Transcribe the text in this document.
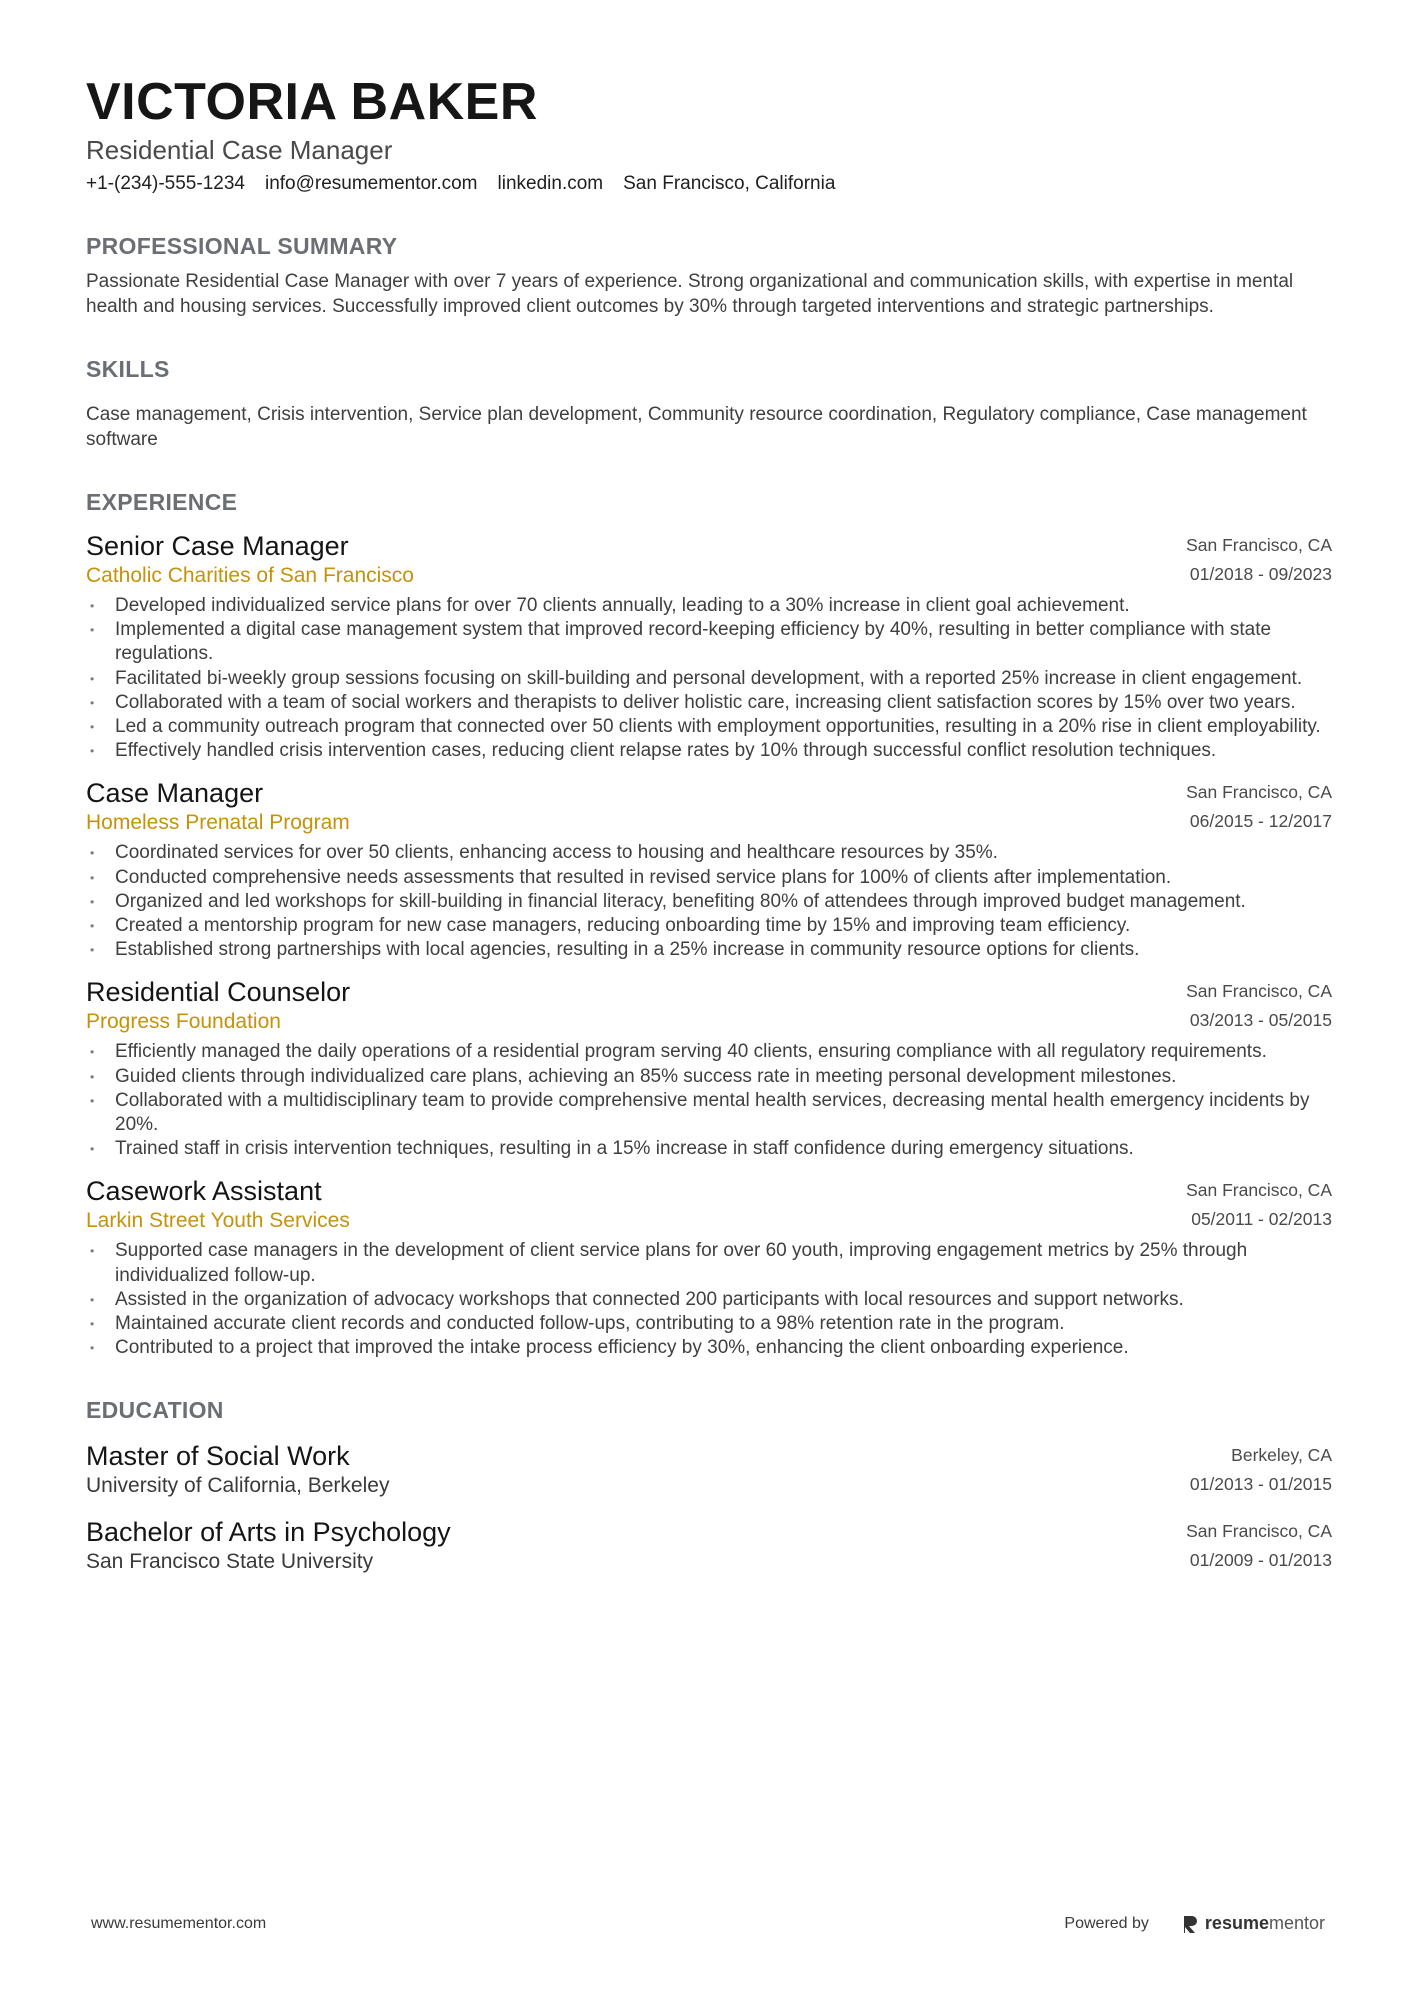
VICTORIA BAKER
Residential Case Manager
+1-(234)-555-1234 info@resumementor.com linkedin.com San Francisco, California
PROFESSIONAL SUMMARY

Passionate Residential Case Manager with over 7 years of experience. Strong organizational and communication skills, with expertise in mental health and housing services. Successfully improved client outcomes by 30% through targeted interventions and strategic partnerships.

SKILLS

Case management, Crisis intervention, Service plan development, Community resource coordination, Regulatory compliance, Case management software

EXPERIENCE
Senior Case Manager
Catholic Charities of San Francisco
San Francisco, CA
01/2018 - 09/2023
• Developed individualized service plans for over 70 clients annually, leading to a 30% increase in client goal achievement.
• Implemented a digital case management system that improved record-keeping efficiency by 40%, resulting in better compliance with state regulations.
• Facilitated bi-weekly group sessions focusing on skill-building and personal development, with a reported 25% increase in client engagement.
• Collaborated with a team of social workers and therapists to deliver holistic care, increasing client satisfaction scores by 15% over two years.
• Led a community outreach program that connected over 50 clients with employment opportunities, resulting in a 20% rise in client employability.
• Effectively handled crisis intervention cases, reducing client relapse rates by 10% through successful conflict resolution techniques.
Case Manager
Homeless Prenatal Program
San Francisco, CA
06/2015 - 12/2017
• Coordinated services for over 50 clients, enhancing access to housing and healthcare resources by 35%.
• Conducted comprehensive needs assessments that resulted in revised service plans for 100% of clients after implementation.
• Organized and led workshops for skill-building in financial literacy, benefiting 80% of attendees through improved budget management.
• Created a mentorship program for new case managers, reducing onboarding time by 15% and improving team efficiency.
• Established strong partnerships with local agencies, resulting in a 25% increase in community resource options for clients.
Residential Counselor
Progress Foundation
San Francisco, CA
03/2013 - 05/2015
• Efficiently managed the daily operations of a residential program serving 40 clients, ensuring compliance with all regulatory requirements.
• Guided clients through individualized care plans, achieving an 85% success rate in meeting personal development milestones.
• Collaborated with a multidisciplinary team to provide comprehensive mental health services, decreasing mental health emergency incidents by 20%.
• Trained staff in crisis intervention techniques, resulting in a 15% increase in staff confidence during emergency situations.
Casework Assistant
Larkin Street Youth Services
San Francisco, CA
05/2011 - 02/2013
• Supported case managers in the development of client service plans for over 60 youth, improving engagement metrics by 25% through individualized follow-up.
• Assisted in the organization of advocacy workshops that connected 200 participants with local resources and support networks.
• Maintained accurate client records and conducted follow-ups, contributing to a 98% retention rate in the program.
• Contributed to a project that improved the intake process efficiency by 30%, enhancing the client onboarding experience.
EDUCATION
Master of Social Work
University of California, Berkeley
Berkeley, CA
01/2013 - 01/2015
Bachelor of Arts in Psychology
San Francisco State University
San Francisco, CA
01/2009 - 01/2013
www.resumementor.com	Powered by	resumementor
